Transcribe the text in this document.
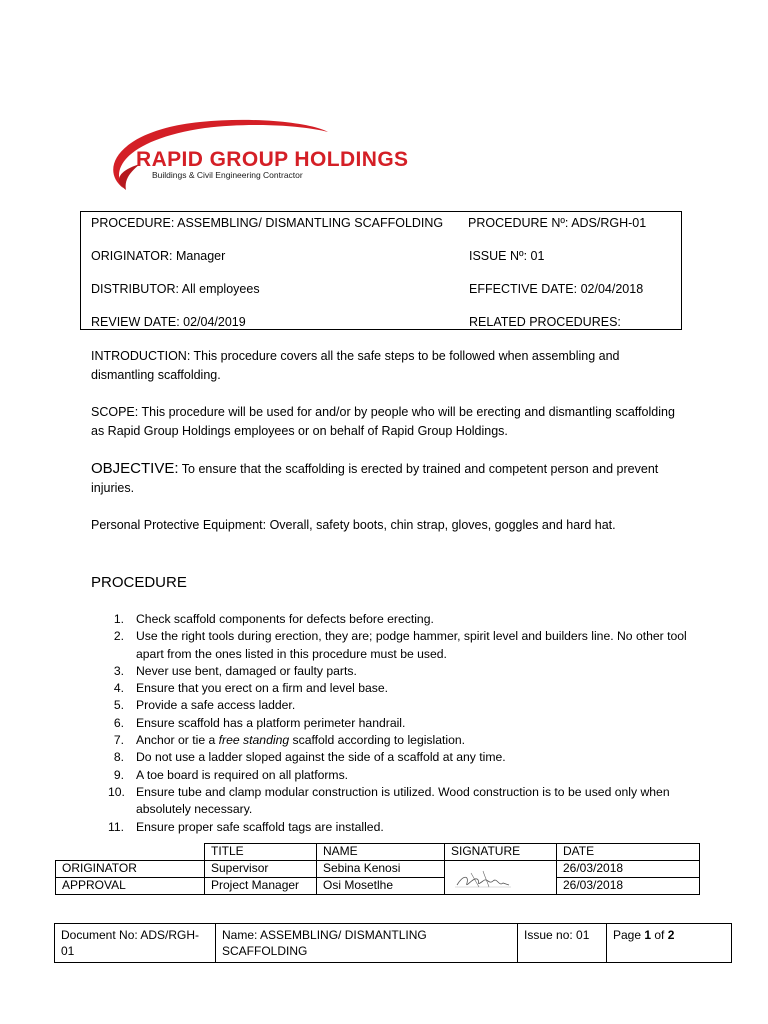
RAPID GROUP HOLDINGS
Buildings & Civil Engineering Contractor
PROCEDURE: ASSEMBLING/ DISMANTLING SCAFFOLDING PROCEDURE Nº: ADS/RGH-01
ORIGINATOR: Manager	ISSUE Nº: 01
DISTRIBUTOR: All employees	EFFECTIVE DATE: 02/04/2018
REVIEW DATE: 02/04/2019	RELATED PROCEDURES:
INTRODUCTION: This procedure covers all the safe steps to be followed when assembling and dismantling scaffolding.
SCOPE: This procedure will be used for and/or by people who will be erecting and dismantling scaffolding as Rapid Group Holdings employees or on behalf of Rapid Group Holdings.
OBJECTIVE: To ensure that the scaffolding is erected by trained and competent person and prevent injuries.
Personal Protective Equipment: Overall, safety boots, chin strap, gloves, goggles and hard hat.
PROCEDURE
1. Check scaffold components for defects before erecting.
2. Use the right tools during erection, they are; podge hammer, spirit level and builders line. No other tool apart from the ones listed in this procedure must be used.
3. Never use bent, damaged or faulty parts.
4. Ensure that you erect on a firm and level base.
5. Provide a safe access ladder.
6. Ensure scaffold has a platform perimeter handrail.
7. Anchor or tie a free standing scaffold according to legislation.
8. Do not use a ladder sloped against the side of a scaffold at any time.
9. A toe board is required on all platforms.
10. Ensure tube and clamp modular construction is utilized. Wood construction is to be used only when absolutely necessary.
11. Ensure proper safe scaffold tags are installed.
	TITLE	NAME	SIGNATURE	DATE
ORIGINATOR	Supervisor	Sebina Kenosi		26/03/2018
APPROVAL	Project Manager	Osi Mosetlhe		26/03/2018
Document No: ADS/RGH-01	Name: ASSEMBLING/ DISMANTLING SCAFFOLDING	Issue no: 01	Page 1 of 2
